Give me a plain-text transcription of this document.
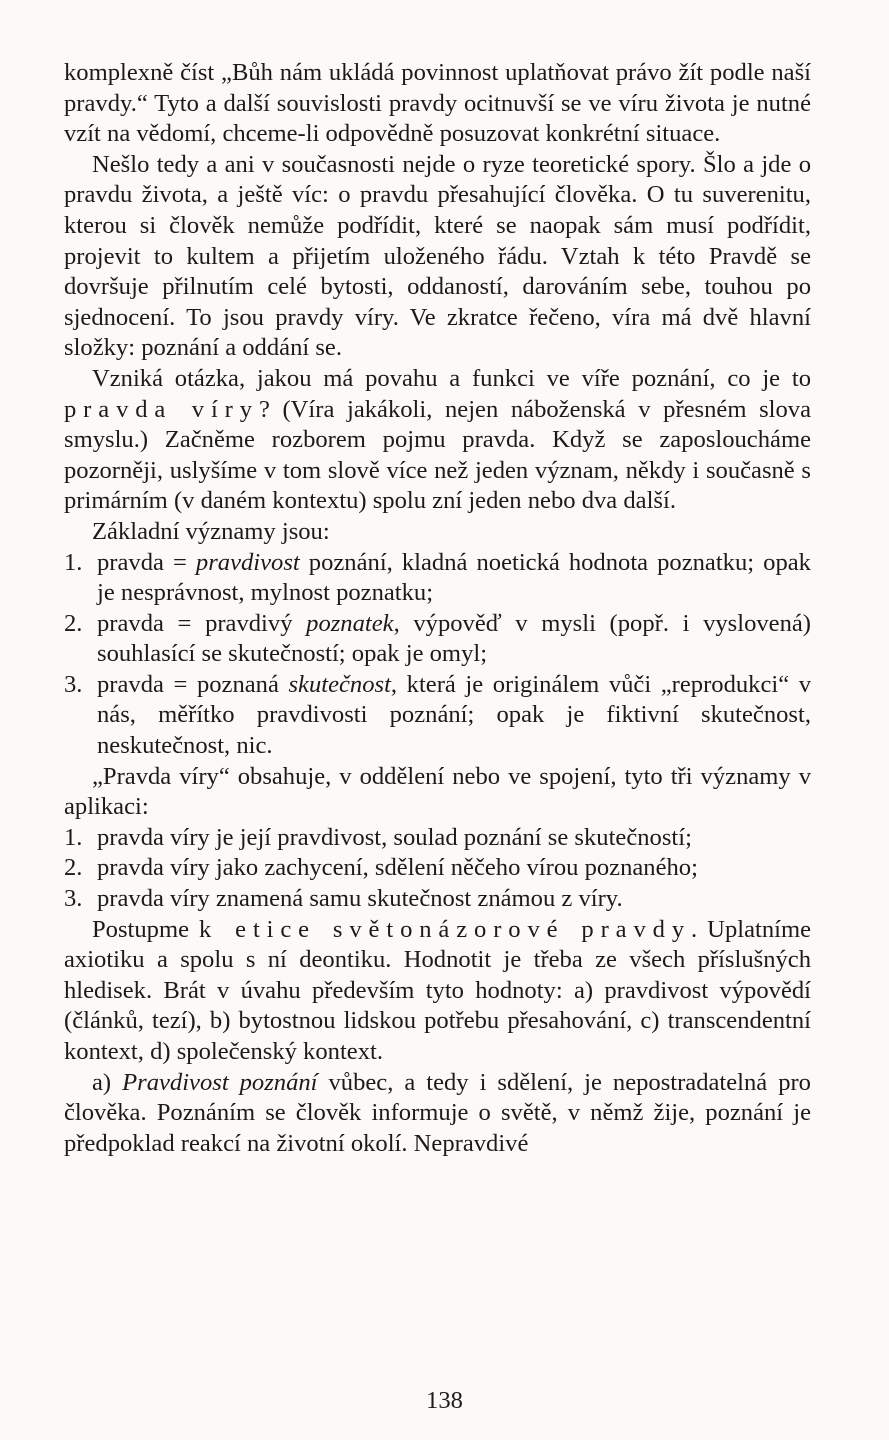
komplexně číst „Bůh nám ukládá povinnost uplatňovat právo žít podle naší pravdy.“ Tyto a další souvislosti pravdy ocitnuvší se ve víru života je nutné vzít na vědomí, chceme-li odpovědně posuzovat konkrétní situace.

Nešlo tedy a ani v současnosti nejde o ryze teoretické spory. Šlo a jde o pravdu života, a ještě víc: o pravdu přesahující člověka. O tu suverenitu, kterou si člověk nemůže podřídit, které se naopak sám musí podřídit, projevit to kultem a přijetím uloženého řádu. Vztah k této Pravdě se dovršuje přilnutím celé bytosti, oddaností, darováním sebe, touhou po sjednocení. To jsou pravdy víry. Ve zkratce řečeno, víra má dvě hlavní složky: poznání a oddání se.

Vzniká otázka, jakou má povahu a funkci ve víře poznání, co je to pravda víry? (Víra jakákoli, nejen náboženská v přesném slova smyslu.) Začněme rozborem pojmu pravda. Když se zaposloucháme pozorněji, uslyšíme v tom slově více než jeden význam, někdy i současně s primárním (v daném kontextu) spolu zní jeden nebo dva další.

Základní významy jsou:

1. pravda = pravdivost poznání, kladná noetická hodnota poznatku; opak je nesprávnost, mylnost poznatku;
2. pravda = pravdivý poznatek, výpověď v mysli (popř. i vyslovená) souhlasící se skutečností; opak je omyl;
3. pravda = poznaná skutečnost, která je originálem vůči „reprodukci“ v nás, měřítko pravdivosti poznání; opak je fiktivní skutečnost, neskutečnost, nic.

„Pravda víry“ obsahuje, v oddělení nebo ve spojení, tyto tři významy v aplikaci:

1. pravda víry je její pravdivost, soulad poznání se skutečností;
2. pravda víry jako zachycení, sdělení něčeho vírou poznaného;
3. pravda víry znamená samu skutečnost známou z víry.

Postupme k etice světonázorové pravdy. Uplatníme axiotiku a spolu s ní deontiku. Hodnotit je třeba ze všech příslušných hledisek. Brát v úvahu především tyto hodnoty: a) pravdivost výpovědí (článků, tezí), b) bytostnou lidskou potřebu přesahování, c) transcendentní kontext, d) společenský kontext.

a) Pravdivost poznání vůbec, a tedy i sdělení, je nepostradatelná pro člověka. Poznáním se člověk informuje o světě, v němž žije, poznání je předpoklad reakcí na životní okolí. Nepravdivé

138
